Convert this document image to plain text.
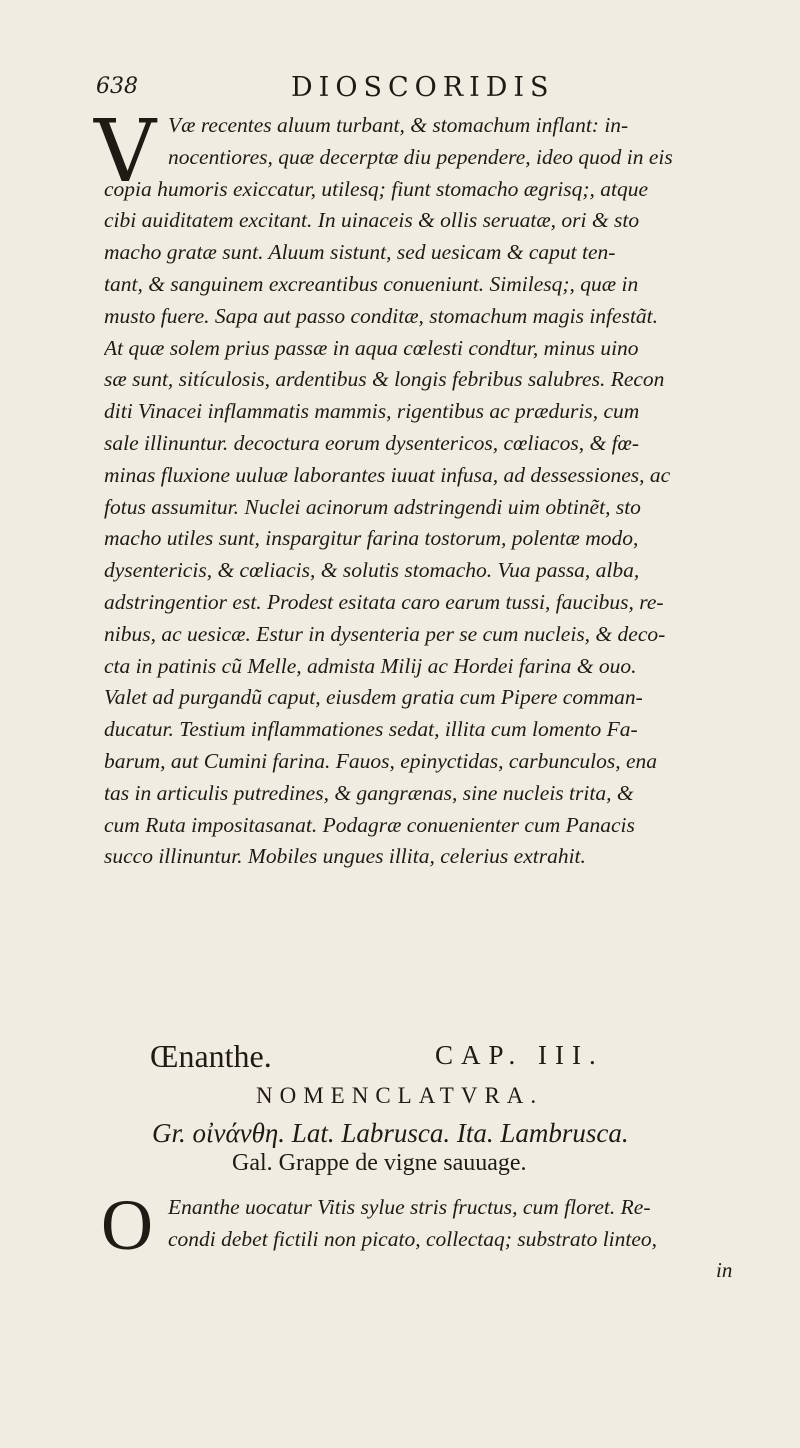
638	DIOSCORIDIS
V Væ recentes aluum turbant, & stomachum inflant: in-
nocentiores, quæ decerptæ diu pependere, ideo quod in eis
copia humoris exiccatur, utilesq; fiunt stomacho ægrisq;, atque
cibi auiditatem excitant. In uinaceis & ollis seruatæ, ori & sto
macho gratæ sunt. Aluum sistunt, sed uesicam & caput ten-
tant, & sanguinem excreantibus conueniunt. Similesq;, quæ in
musto fuere. Sapa aut passo conditæ, stomachum magis infestãt.
At quæ solem prius passæ in aqua cœlesti condtur, minus uino
sæ sunt, sitículosis, ardentibus & longis febribus salubres. Recon
diti Vinacei inflammatis mammis, rigentibus ac præduris, cum
sale illinuntur. decoctura eorum dysentericos, cœliacos, & fœ-
minas fluxione uuluæ laborantes iuuat infusa, ad dessessiones, ac
fotus assumitur. Nuclei acinorum adstringendi uim obtinẽt, sto
macho utiles sunt, inspargitur farina tostorum, polentæ modo,
dysentericis, & cœliacis, & solutis stomacho. Vua passa, alba,
adstringentior est. Prodest esitata caro earum tussi, faucibus, re-
nibus, ac uesicæ. Estur in dysenteria per se cum nucleis, & deco-
cta in patinis cũ Melle, admista Milij ac Hordei farina & ouo.
Valet ad purgandũ caput, eiusdem gratia cum Pipere comman-
ducatur. Testium inflammationes sedat, illita cum lomento Fa-
barum, aut Cumini farina. Fauos, epinyctidas, carbunculos, ena
tas in articulis putredines, & gangrænas, sine nucleis trita, &
cum Ruta impositasanat. Podagræ conuenienter cum Panacis
succo illinuntur. Mobiles ungues illita, celerius extrahit.
Œnanthe.	CAP. III.
NOMENCLATVRA.
Gr. οἰνάνθη. Lat. Labrusca. Ita. Lambrusca.
Gal. Grappe de vigne sauuage.
O Enanthe uocatur Vitis sylue stris fructus, cum floret. Re-
condi debet fictili non picato, collectaq; substrato linteo,
in
